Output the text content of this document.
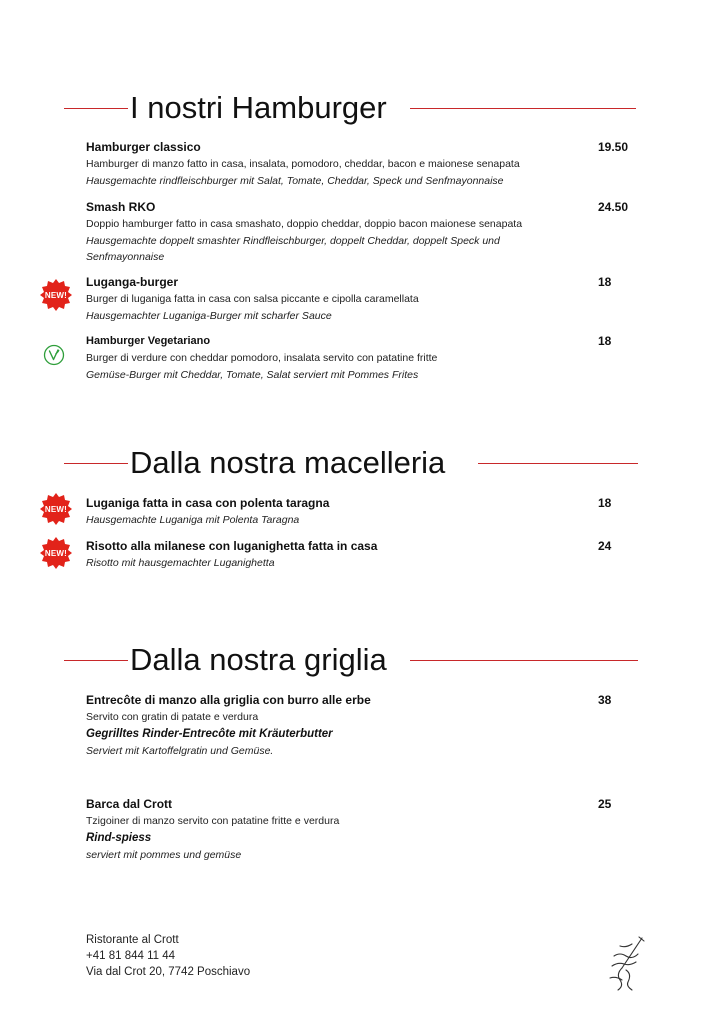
I nostri Hamburger
Hamburger classico	19.50
Hamburger di manzo fatto in casa, insalata, pomodoro, cheddar, bacon e maionese senapata
Hausgemachte rindfleischburger mit Salat, Tomate, Cheddar, Speck und Senfmayonnaise
Smash RKO	24.50
Doppio hamburger fatto in casa smashato, doppio cheddar, doppio bacon maionese senapata
Hausgemachte doppelt smashter Rindfleischburger, doppelt Cheddar, doppelt Speck und Senfmayonnaise
NEW!
Luganga-burger	18
Burger di luganiga fatta in casa con salsa piccante e cipolla caramellata
Hausgemachter Luganiga-Burger mit scharfer Sauce
Hamburger Vegetariano	18
Burger di verdure con cheddar pomodoro, insalata servito con patatine fritte
Gemüse-Burger mit Cheddar, Tomate, Salat serviert mit Pommes Frites
Dalla nostra macelleria
NEW!	Luganiga fatta in casa con polenta taragna	18
Hausgemachte Luganiga mit Polenta Taragna
NEW!	Risotto alla milanese con luganighetta fatta in casa	24
Risotto mit hausgemachter Luganighetta
Dalla nostra griglia
Entrecôte di manzo alla griglia con burro alle erbe	38
Servito con gratin di patate e verdura
Gegrilltes Rinder-Entrecôte mit Kräuterbutter
Serviert mit Kartoffelgratin und Gemüse.
Barca dal Crott	25
Tzigoiner di manzo servito con patatine fritte e verdura
Rind-spiess
serviert mit pommes und gemüse
Ristorante al Crott
+41 81 844 11 44
Via dal Crot 20, 7742 Poschiavo
